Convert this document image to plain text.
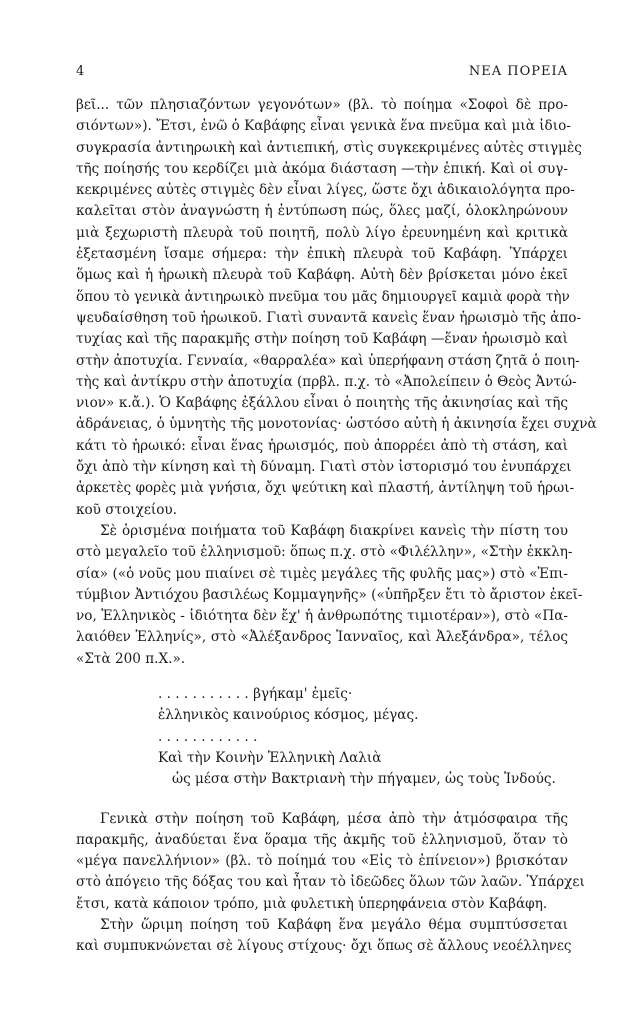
4	ΝΕΑ ΠΟΡΕΙΑ
βεῖ... τῶν πλησιαζόντων γεγονότων» (βλ. τὸ ποίημα «Σοφοὶ δὲ προ-
σιόντων»). Ἔτσι, ἐνῶ ὁ Καβάφης εἶναι γενικὰ ἕνα πνεῦμα καὶ μιὰ ἰδιο-
συγκρασία ἀντιηρωικὴ καὶ ἀντιεπική, στὶς συγκεκριμένες αὐτὲς στιγμὲς
τῆς ποίησής του κερδίζει μιὰ ἀκόμα διάσταση —τὴν ἐπική. Καὶ οἱ συγ-
κεκριμένες αὐτὲς στιγμὲς δὲν εἶναι λίγες, ὥστε ὄχι ἀδικαιολόγητα προ-
καλεῖται στὸν ἀναγνώστη ἡ ἐντύπωση πώς, ὅλες μαζί, ὁλοκληρώνουν
μιὰ ξεχωριστὴ πλευρὰ τοῦ ποιητῆ, πολὺ λίγο ἐρευνημένη καὶ κριτικὰ
ἐξετασμένη ἴσαμε σήμερα: τὴν ἐπικὴ πλευρὰ τοῦ Καβάφη. Ὑπάρχει
ὅμως καὶ ἡ ἡρωικὴ πλευρὰ τοῦ Καβάφη. Αὐτὴ δὲν βρίσκεται μόνο ἐκεῖ
ὅπου τὸ γενικὰ ἀντιηρωικὸ πνεῦμα του μᾶς δημιουργεῖ καμιὰ φορὰ τὴν
ψευδαίσθηση τοῦ ἡρωικοῦ. Γιατὶ συναντᾶ κανεὶς ἕναν ἡρωισμὸ τῆς ἀπο-
τυχίας καὶ τῆς παρακμῆς στὴν ποίηση τοῦ Καβάφη —ἕναν ἡρωισμὸ καὶ
στὴν ἀποτυχία. Γενναία, «θαρραλέα» καὶ ὑπερήφανη στάση ζητᾶ ὁ ποιη-
τὴς καὶ ἀντίκρυ στὴν ἀποτυχία (πρβλ. π.χ. τὸ «Ἀπολείπειν ὁ Θεὸς Ἀντώ-
νιον» κ.ἄ.). Ὁ Καβάφης ἐξάλλου εἶναι ὁ ποιητὴς τῆς ἀκινησίας καὶ τῆς
ἀδράνειας, ὁ ὑμνητὴς τῆς μονοτονίας· ὡστόσο αὐτὴ ἡ ἀκινησία ἔχει συχνὰ
κάτι τὸ ἡρωικό: εἶναι ἕνας ἡρωισμός, ποὺ ἀπορρέει ἀπὸ τὴ στάση, καὶ
ὄχι ἀπὸ τὴν κίνηση καὶ τὴ δύναμη. Γιατὶ στὸν ἱστορισμό του ἐνυπάρχει
ἀρκετὲς φορὲς μιὰ γνήσια, ὄχι ψεύτικη καὶ πλαστή, ἀντίληψη τοῦ ἡρωι-
κοῦ στοιχείου.
Σὲ ὁρισμένα ποιήματα τοῦ Καβάφη διακρίνει κανεὶς τὴν πίστη του
στὸ μεγαλεῖο τοῦ ἑλληνισμοῦ: ὅπως π.χ. στὸ «Φιλέλλην», «Στὴν ἐκκλη-
σία» («ὁ νοῦς μου πιαίνει σὲ τιμὲς μεγάλες τῆς φυλῆς μας») στὸ «Ἐπι-
τύμβιον Ἀντιόχου βασιλέως Κομμαγηνῆς» («ὑπῆρξεν ἔτι τὸ ἄριστον ἐκεῖ-
νο, Ἑλληνικὸς - ἰδιότητα δὲν ἔχ' ἡ ἀνθρωπότης τιμιοτέραν»), στὸ «Πα-
λαιόθεν Ἑλληνίς», στὸ «Ἀλέξανδρος Ἰανναῖος, καὶ Ἀλεξάνδρα», τέλος
«Στὰ 200 π.Χ.».
. . . . . . . . . . . βγήκαμ' ἐμεῖς·
ἑλληνικὸς καινούριος κόσμος, μέγας.
. . . . . . . . . . . .
Καὶ τὴν Κοινὴν Ἑλληνικὴ Λαλιὰ
ὡς μέσα στὴν Βακτριανὴ τὴν πήγαμεν, ὡς τοὺς Ἰνδούς.
Γενικὰ στὴν ποίηση τοῦ Καβάφη, μέσα ἀπὸ τὴν ἀτμόσφαιρα τῆς
παρακμῆς, ἀναδύεται ἕνα ὅραμα τῆς ἀκμῆς τοῦ ἑλληνισμοῦ, ὅταν τὸ
«μέγα πανελλήνιον» (βλ. τὸ ποίημά του «Εἰς τὸ ἐπίνειον») βρισκόταν
στὸ ἀπόγειο τῆς δόξας του καὶ ἦταν τὸ ἰδεῶδες ὅλων τῶν λαῶν. Ὑπάρχει
ἔτσι, κατὰ κάποιον τρόπο, μιὰ φυλετικὴ ὑπερηφάνεια στὸν Καβάφη.
Στὴν ὥριμη ποίηση τοῦ Καβάφη ἕνα μεγάλο θέμα συμπτύσσεται
καὶ συμπυκνώνεται σὲ λίγους στίχους· ὄχι ὅπως σὲ ἄλλους νεοέλληνες
